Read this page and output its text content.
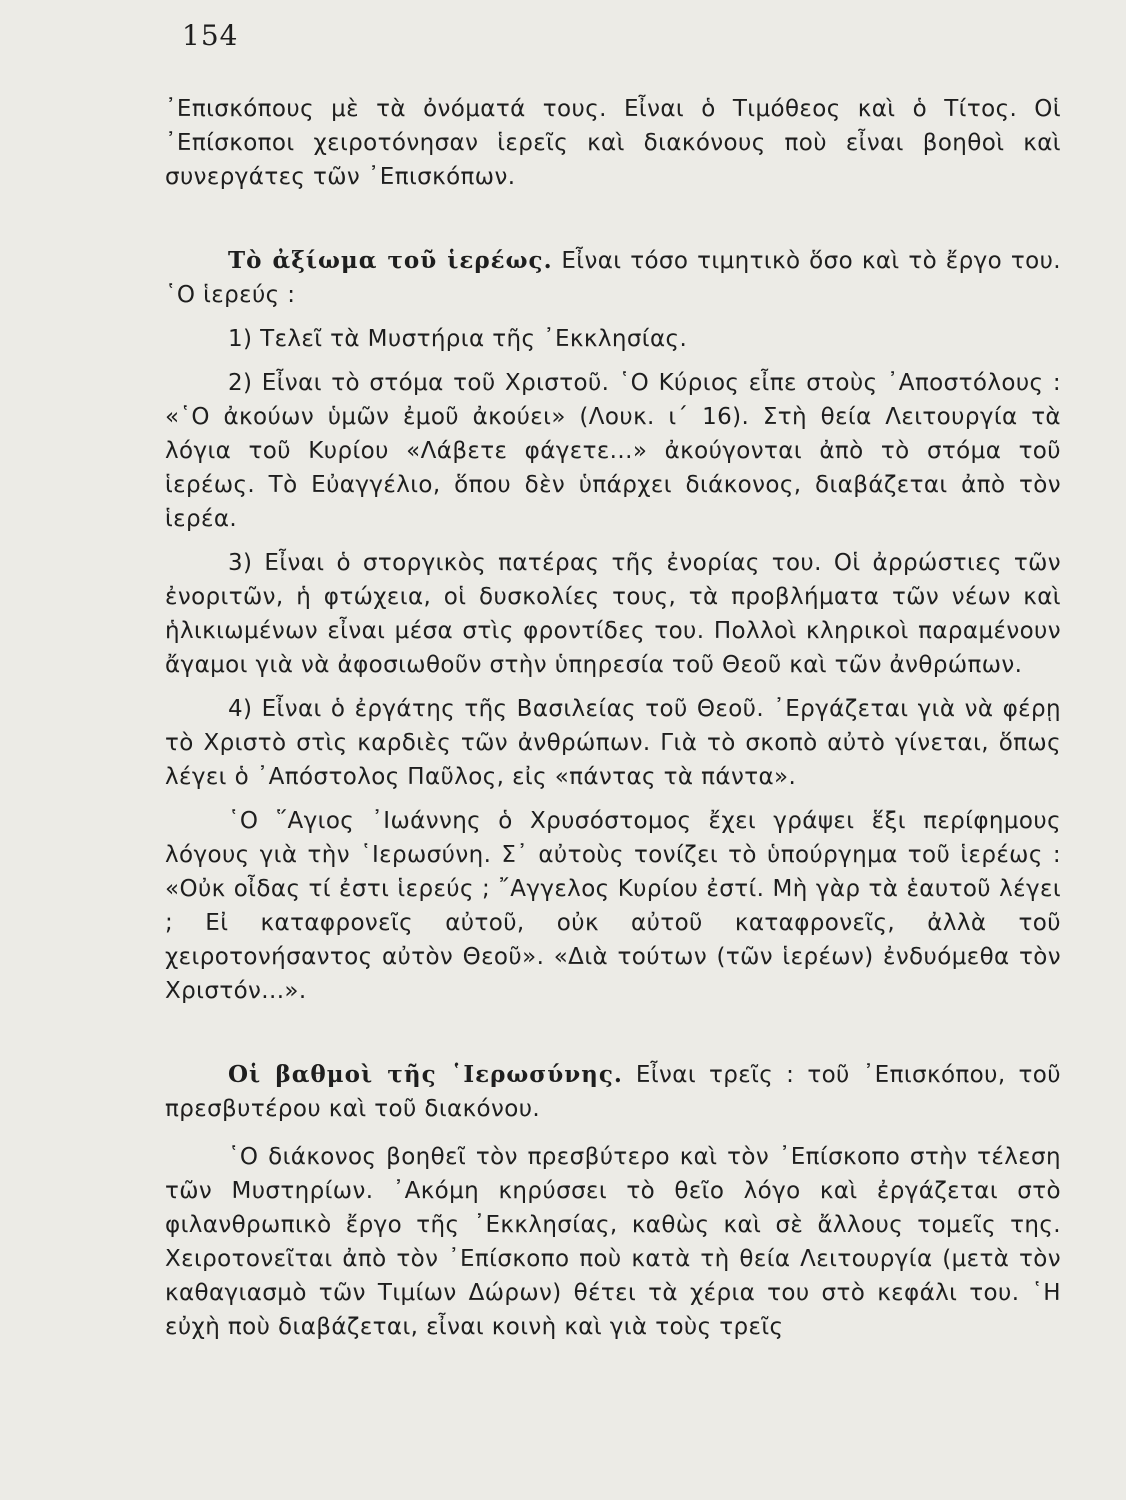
154

᾿Επισκόπους μὲ τὰ ὀνόματά τους. Εἶναι ὁ Τιμόθεος καὶ ὁ Τίτος. Οἱ ᾿Επίσκοποι χειροτόνησαν ἱερεῖς καὶ διακόνους ποὺ εἶναι βοηθοὶ καὶ συνεργάτες τῶν ᾿Επισκόπων.

Τὸ ἀξίωμα τοῦ ἱερέως. Εἶναι τόσο τιμητικὸ ὅσο καὶ τὸ ἔργο του. ῾Ο ἱερεύς :

1) Τελεῖ τὰ Μυστήρια τῆς ᾿Εκκλησίας.

2) Εἶναι τὸ στόμα τοῦ Χριστοῦ. ῾Ο Κύριος εἶπε στοὺς ᾿Αποστόλους : «῾Ο ἀκούων ὑμῶν ἐμοῦ ἀκούει» (Λουκ. ι΄ 16). Στὴ θεία Λειτουργία τὰ λόγια τοῦ Κυρίου «Λάβετε φάγετε...» ἀκούγονται ἀπὸ τὸ στόμα τοῦ ἱερέως. Τὸ Εὐαγγέλιο, ὅπου δὲν ὑπάρχει διάκονος, διαβάζεται ἀπὸ τὸν ἱερέα.

3) Εἶναι ὁ στοργικὸς πατέρας τῆς ἐνορίας του. Οἱ ἀρρώστιες τῶν ἐνοριτῶν, ἡ φτώχεια, οἱ δυσκολίες τους, τὰ προβλήματα τῶν νέων καὶ ἡλικιωμένων εἶναι μέσα στὶς φροντίδες του. Πολλοὶ κληρικοὶ παραμένουν ἄγαμοι γιὰ νὰ ἀφοσιωθοῦν στὴν ὑπηρεσία τοῦ Θεοῦ καὶ τῶν ἀνθρώπων.

4) Εἶναι ὁ ἐργάτης τῆς Βασιλείας τοῦ Θεοῦ. ᾿Εργάζεται γιὰ νὰ φέρῃ τὸ Χριστὸ στὶς καρδιὲς τῶν ἀνθρώπων. Γιὰ τὸ σκοπὸ αὐτὸ γίνεται, ὅπως λέγει ὁ ᾿Απόστολος Παῦλος, εἰς «πάντας τὰ πάντα».

῾Ο ῞Αγιος ᾿Ιωάννης ὁ Χρυσόστομος ἔχει γράψει ἕξι περίφημους λόγους γιὰ τὴν ῾Ιερωσύνη. Σ᾿ αὐτοὺς τονίζει τὸ ὑπούργημα τοῦ ἱερέως : «Οὐκ οἶδας τί ἐστι ἱερεύς ; ῎Αγγελος Κυρίου ἐστί. Μὴ γὰρ τὰ ἑαυτοῦ λέγει ; Εἰ καταφρονεῖς αὐτοῦ, οὐκ αὐτοῦ καταφρονεῖς, ἀλλὰ τοῦ χειροτονήσαντος αὐτὸν Θεοῦ». «Διὰ τούτων (τῶν ἱερέων) ἐνδυόμεθα τὸν Χριστόν...».

Οἱ βαθμοὶ τῆς ῾Ιερωσύνης. Εἶναι τρεῖς : τοῦ ᾿Επισκόπου, τοῦ πρεσβυτέρου καὶ τοῦ διακόνου.

῾Ο διάκονος βοηθεῖ τὸν πρεσβύτερο καὶ τὸν ᾿Επίσκοπο στὴν τέλεση τῶν Μυστηρίων. ᾿Ακόμη κηρύσσει τὸ θεῖο λόγο καὶ ἐργάζεται στὸ φιλανθρωπικὸ ἔργο τῆς ᾿Εκκλησίας, καθὼς καὶ σὲ ἄλλους τομεῖς της. Χειροτονεῖται ἀπὸ τὸν ᾿Επίσκοπο ποὺ κατὰ τὴ θεία Λειτουργία (μετὰ τὸν καθαγιασμὸ τῶν Τιμίων Δώρων) θέτει τὰ χέρια του στὸ κεφάλι του. ῾Η εὐχὴ ποὺ διαβάζεται, εἶναι κοινὴ καὶ γιὰ τοὺς τρεῖς
